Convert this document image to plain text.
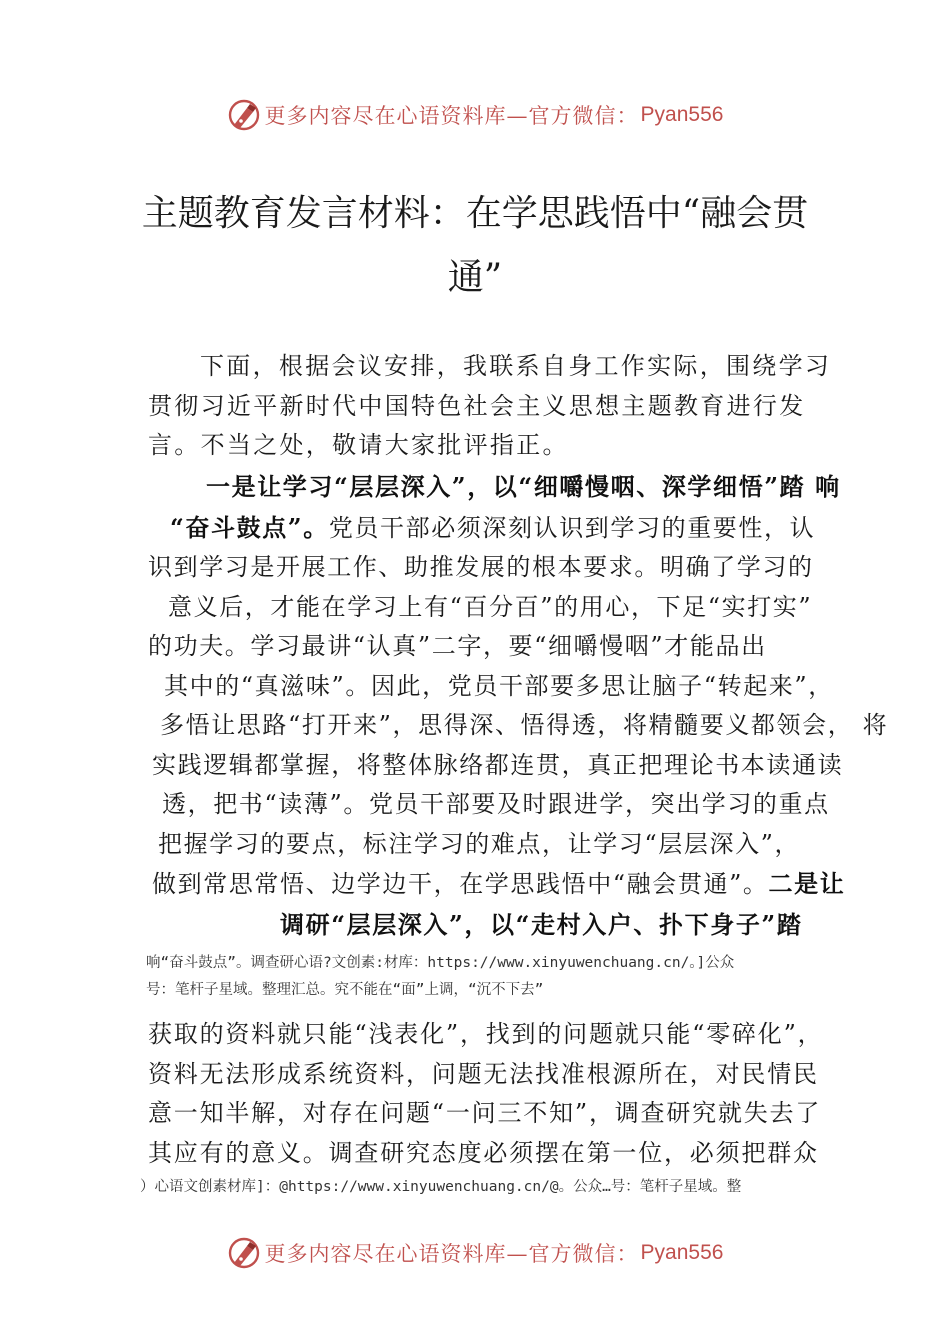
更多内容尽在心语资料库—官方微信： Pyan556
主题教育发言材料：在学思践悟中“融会贯
通”
下面，根据会议安排，我联系自身工作实际，围绕学习
贯彻习近平新时代中国特色社会主义思想主题教育进行发
言。不当之处，敬请大家批评指正。
一是让学习“层层深入”，以“细嚼慢咽、深学细悟”踏 响
“奋斗鼓点”。党员干部必须深刻认识到学习的重要性，认
识到学习是开展工作、助推发展的根本要求。明确了学习的
意义后，才能在学习上有“百分百”的用心，下足“实打实”
的功夫。学习最讲“认真”二字，要“细嚼慢咽”才能品出
其中的“真滋味”。因此，党员干部要多思让脑子“转起来”，
多悟让思路“打开来”，思得深、悟得透，将精髓要义都领会， 将
实践逻辑都掌握，将整体脉络都连贯，真正把理论书本读通读
透，把书“读薄”。党员干部要及时跟进学，突出学习的重点
把握学习的要点，标注学习的难点，让学习“层层深入”，
做到常思常悟、边学边干，在学思践悟中“融会贯通”。二是让
调研“层层深入”，以“走村入户、扑下身子”踏
响“奋斗鼓点”。调查研心语?文创素:材库：https://www.xinyuwenchuang.cn/。]公众
号：笔杆子星域。整理汇总。究不能在“面”上调，“沉不下去”
获取的资料就只能“浅表化”，找到的问题就只能“零碎化”，
资料无法形成系统资料，问题无法找准根源所在，对民情民
意一知半解，对存在问题“一问三不知”，调查研究就失去了
其应有的意义。调查研究态度必须摆在第一位，必须把群众
）心语文创素材库]：@https://www.xinyuwenchuang.cn/@。公众…号：笔杆子星域。整
更多内容尽在心语资料库—官方微信： Pyan556
